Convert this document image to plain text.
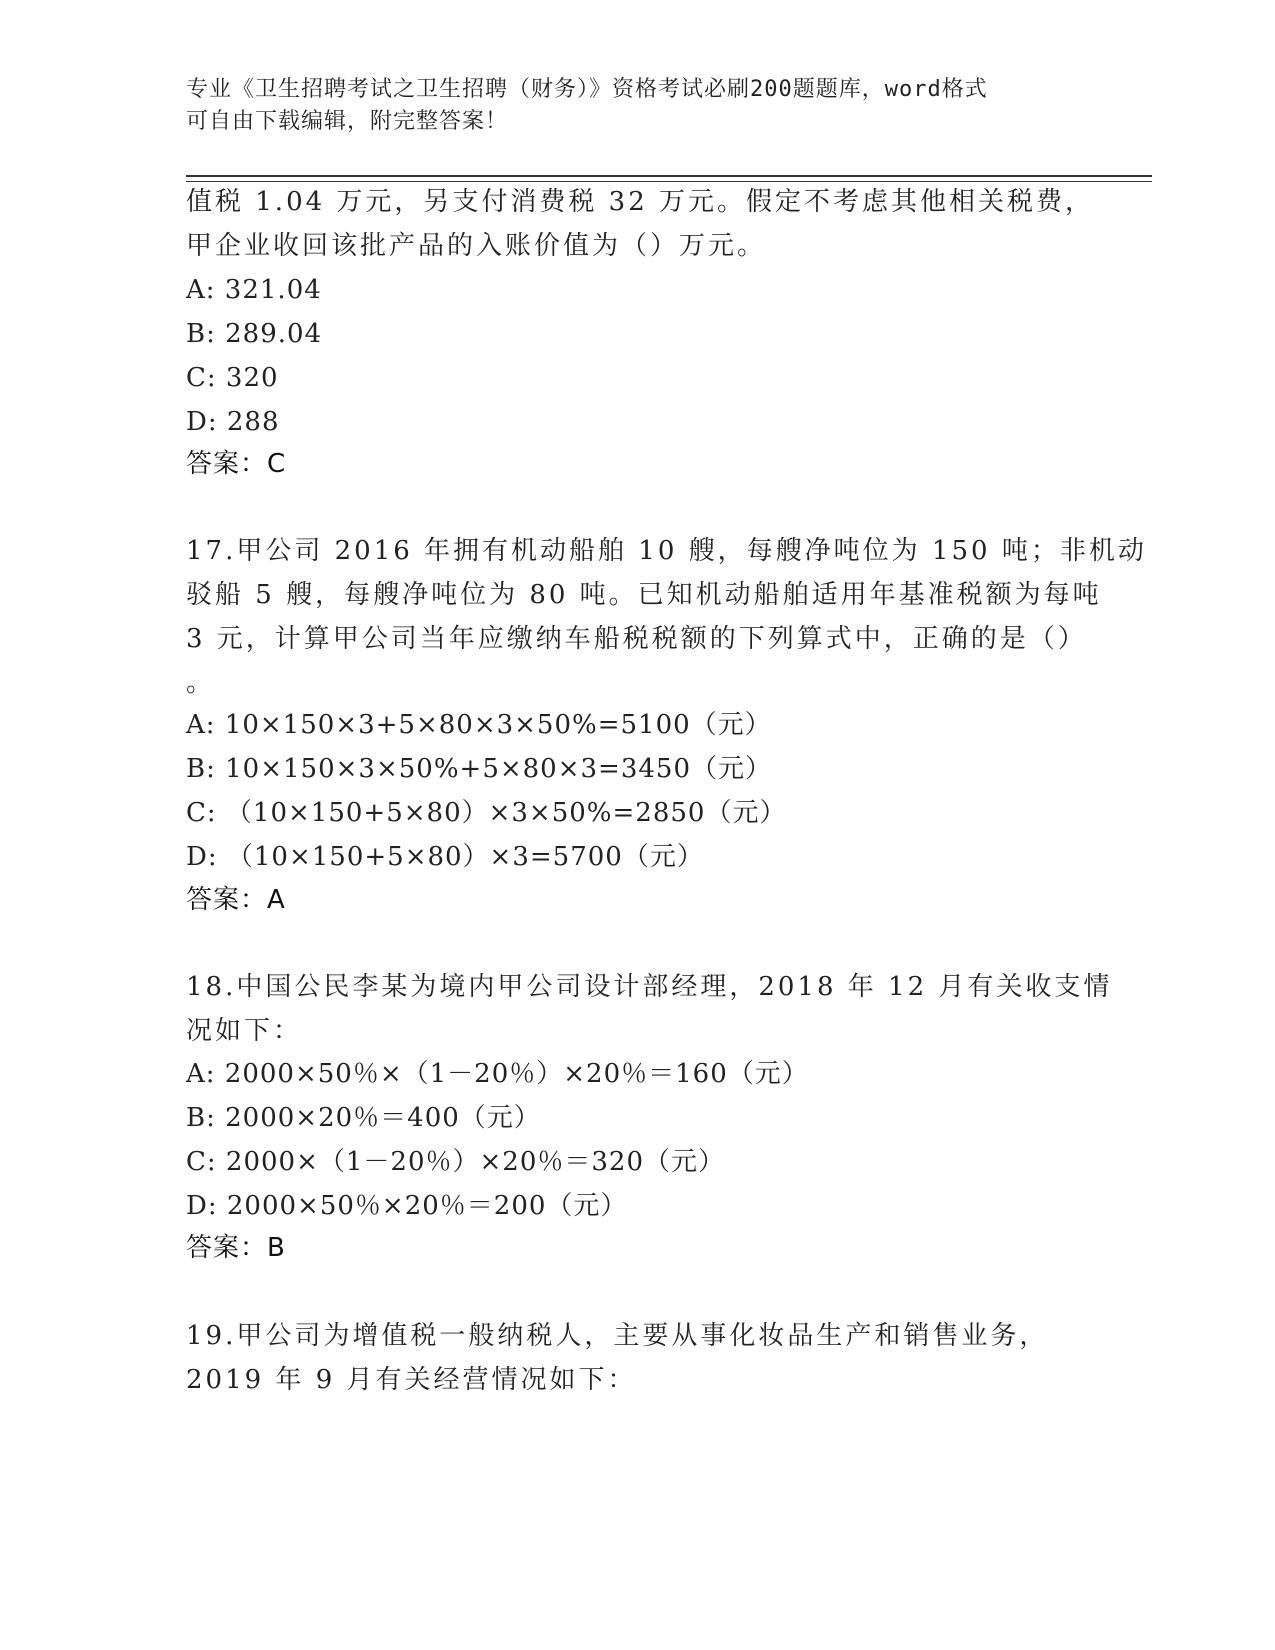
专业《卫生招聘考试之卫生招聘（财务）》资格考试必刷200题题库，word格式
可自由下载编辑，附完整答案！
值税 1.04 万元，另支付消费税 32 万元。假定不考虑其他相关税费，
甲企业收回该批产品的入账价值为（）万元。
A: 321.04
B: 289.04
C: 320
D: 288
答案：C
17.甲公司 2016 年拥有机动船舶 10 艘，每艘净吨位为 150 吨；非机动
驳船 5 艘，每艘净吨位为 80 吨。已知机动船舶适用年基准税额为每吨
3 元，计算甲公司当年应缴纳车船税税额的下列算式中，正确的是（）
。
A: 10×150×3+5×80×3×50%=5100（元）
B: 10×150×3×50%+5×80×3=3450（元）
C: （10×150+5×80）×3×50%=2850（元）
D: （10×150+5×80）×3=5700（元）
答案：A
18.中国公民李某为境内甲公司设计部经理，2018 年 12 月有关收支情
况如下：
A: 2000×50％×（1－20％）×20％＝160（元）
B: 2000×20％＝400（元）
C: 2000×（1－20％）×20％＝320（元）
D: 2000×50％×20％＝200（元）
答案：B
19.甲公司为增值税一般纳税人，主要从事化妆品生产和销售业务，
2019 年 9 月有关经营情况如下：
